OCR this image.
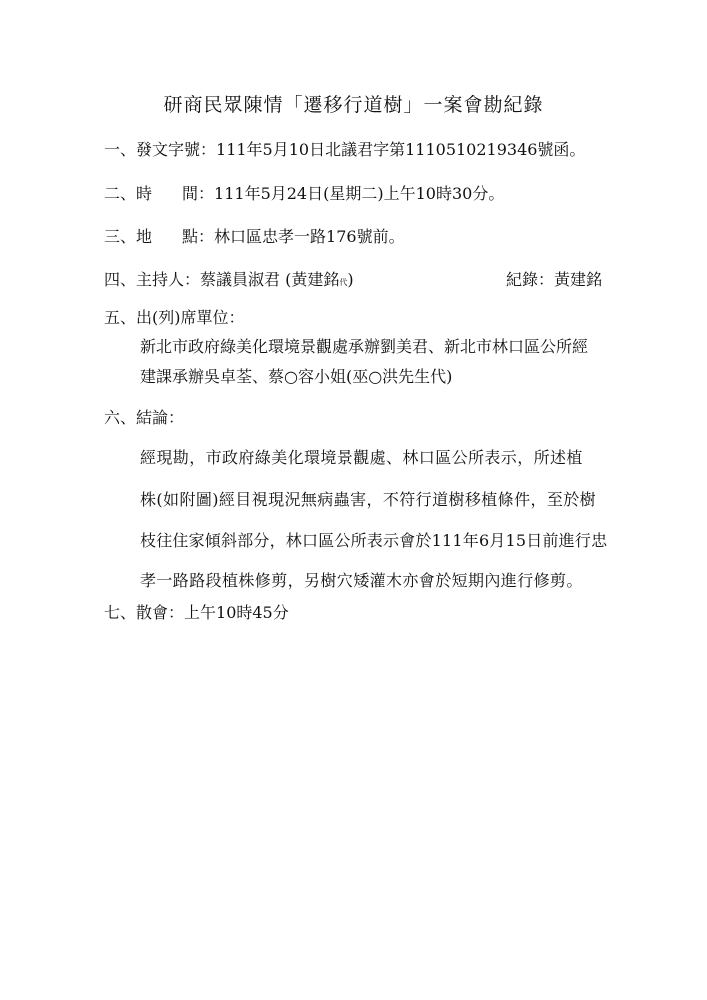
研商民眾陳情「遷移行道樹」一案會勘紀錄
一、發文字號：111年5月10日北議君字第1110510219346號函。
二、時 間：111年5月24日(星期二)上午10時30分。
三、地 點：林口區忠孝一路176號前。
四、主持人：蔡議員淑君 (黃建銘代)	紀錄：黃建銘
五、出(列)席單位：
新北市政府綠美化環境景觀處承辦劉美君、新北市林口區公所經
建課承辦吳卓荃、蔡○容小姐(巫○洪先生代)
六、結論：
經現勘，市政府綠美化環境景觀處、林口區公所表示，所述植
株(如附圖)經目視現況無病蟲害，不符行道樹移植條件，至於樹
枝往住家傾斜部分，林口區公所表示會於111年6月15日前進行忠
孝一路路段植株修剪，另樹穴矮灌木亦會於短期內進行修剪。
七、散會：上午10時45分
